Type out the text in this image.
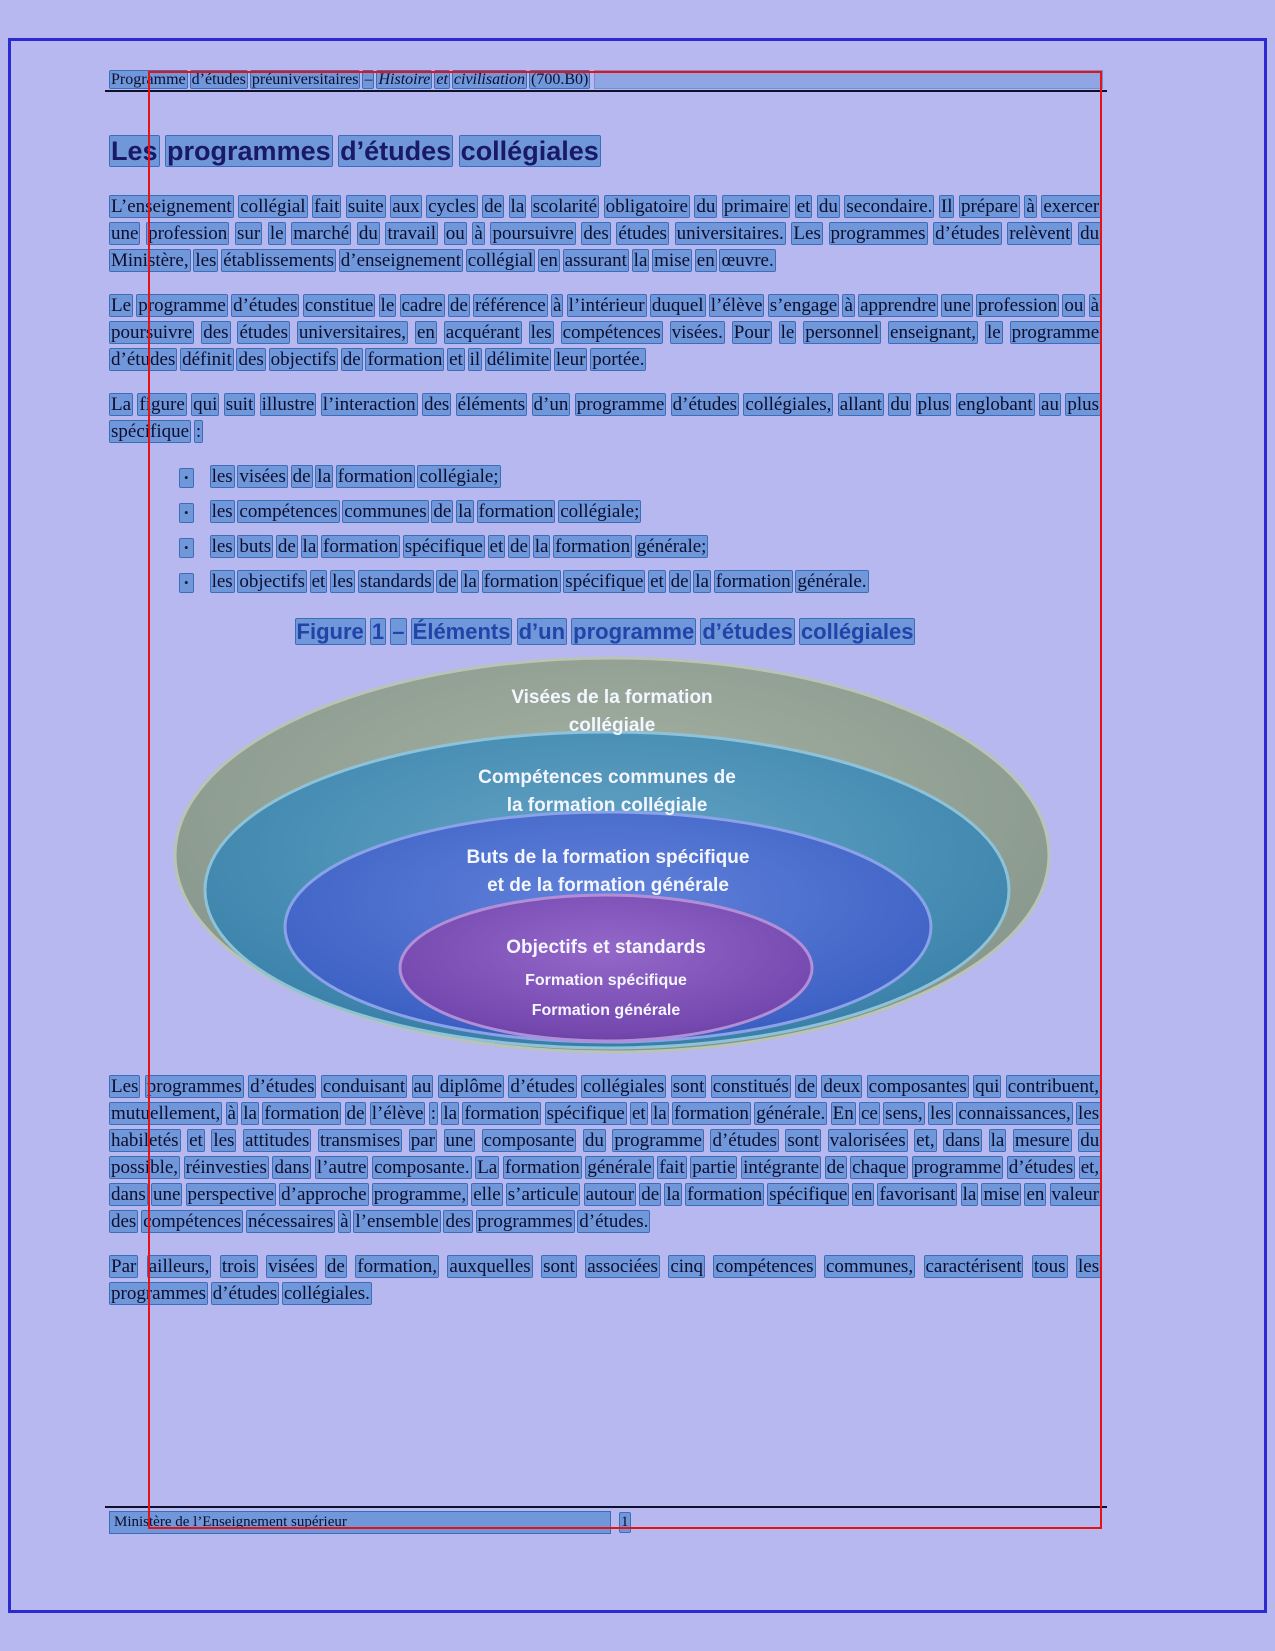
Programme d’études préuniversitaires – Histoire et civilisation (700.B0)
Les programmes d’études collégiales

L’enseignement collégial fait suite aux cycles de la scolarité obligatoire du primaire et du secondaire. Il prépare à exercer une profession sur le marché du travail ou à poursuivre des études universitaires. Les programmes d’études relèvent du Ministère, les établissements d’enseignement collégial en assurant la mise en œuvre.

Le programme d’études constitue le cadre de référence à l’intérieur duquel l’élève s’engage à apprendre une profession ou à poursuivre des études universitaires, en acquérant les compétences visées. Pour le personnel enseignant, le programme d’études définit des objectifs de formation et il délimite leur portée.

La figure qui suit illustre l’interaction des éléments d’un programme d’études collégiales, allant du plus englobant au plus spécifique :

• les visées de la formation collégiale;
• les compétences communes de la formation collégiale;
• les buts de la formation spécifique et de la formation générale;
• les objectifs et les standards de la formation spécifique et de la formation générale.
Figure 1 – Éléments d’un programme d’études collégiales
Visées de la formation
collégiale
Compétences communes de
la formation collégiale
Buts de la formation spécifique
et de la formation générale
Objectifs et standards
Formation spécifique
Formation générale

Les programmes d’études conduisant au diplôme d’études collégiales sont constitués de deux composantes qui contribuent, mutuellement, à la formation de l’élève : la formation spécifique et la formation générale. En ce sens, les connaissances, les habiletés et les attitudes transmises par une composante du programme d’études sont valorisées et, dans la mesure du possible, réinvesties dans l’autre composante. La formation générale fait partie intégrante de chaque programme d’études et, dans une perspective d’approche programme, elle s’articule autour de la formation spécifique en favorisant la mise en valeur des compétences nécessaires à l’ensemble des programmes d’études.

Par ailleurs, trois visées de formation, auxquelles sont associées cinq compétences communes, caractérisent tous les programmes d’études collégiales.

Ministère de l’Enseignement supérieur	1
